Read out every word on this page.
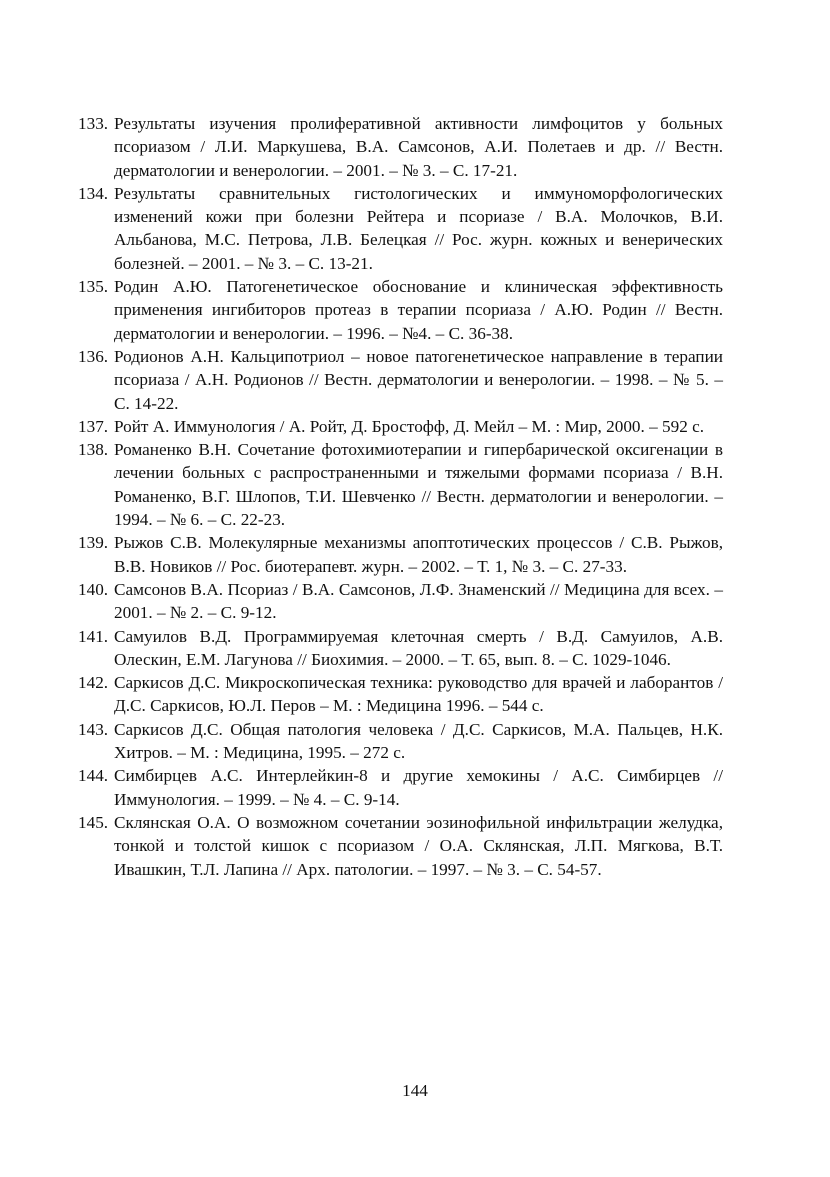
133. Результаты изучения пролиферативной активности лимфоцитов у больных псориазом / Л.И. Маркушева, В.А. Самсонов, А.И. Полетаев и др. // Вестн. дерматологии и венерологии. – 2001. – № 3. – С. 17-21.
134. Результаты сравнительных гистологических и иммуноморфологических изменений кожи при болезни Рейтера и псориазе / В.А. Молочков, В.И. Альбанова, М.С. Петрова, Л.В. Белецкая // Рос. журн. кожных и венерических болезней. – 2001. – № 3. – С. 13-21.
135. Родин А.Ю. Патогенетическое обоснование и клиническая эффективность применения ингибиторов протеаз в терапии псориаза / А.Ю. Родин // Вестн. дерматологии и венерологии. – 1996. – №4. – С. 36-38.
136. Родионов А.Н. Кальципотриол – новое патогенетическое направление в терапии псориаза / А.Н. Родионов // Вестн. дерматологии и венерологии. – 1998. – № 5. – С. 14-22.
137. Ройт А. Иммунология / А. Ройт, Д. Бростофф, Д. Мейл – М. : Мир, 2000. – 592 с.
138. Романенко В.Н. Сочетание фотохимиотерапии и гипербарической оксигенации в лечении больных с распространенными и тяжелыми формами псориаза / В.Н. Романенко, В.Г. Шлопов, Т.И. Шевченко // Вестн. дерматологии и венерологии. – 1994. – № 6. – С. 22-23.
139. Рыжов С.В. Молекулярные механизмы апоптотических процессов / С.В. Рыжов, В.В. Новиков // Рос. биотерапевт. журн. – 2002. – Т. 1, № 3. – С. 27-33.
140. Самсонов В.А. Псориаз / В.А. Самсонов, Л.Ф. Знаменский // Медицина для всех. – 2001. – № 2. – С. 9-12.
141. Самуилов В.Д. Программируемая клеточная смерть / В.Д. Самуилов, А.В. Олескин, Е.М. Лагунова // Биохимия. – 2000. – Т. 65, вып. 8. – С. 1029-1046.
142. Саркисов Д.С. Микроскопическая техника: руководство для врачей и лаборантов / Д.С. Саркисов, Ю.Л. Перов – М. : Медицина 1996. – 544 с.
143. Саркисов Д.С. Общая патология человека / Д.С. Саркисов, М.А. Пальцев, Н.К. Хитров. – М. : Медицина, 1995. – 272 с.
144. Симбирцев А.С. Интерлейкин-8 и другие хемокины / А.С. Симбирцев // Иммунология. – 1999. – № 4. – С. 9-14.
145. Склянская О.А. О возможном сочетании эозинофильной инфильтрации желудка, тонкой и толстой кишок с псориазом / О.А. Склянская, Л.П. Мягкова, В.Т. Ивашкин, Т.Л. Лапина // Арх. патологии. – 1997. – № 3. – С. 54-57.
144
